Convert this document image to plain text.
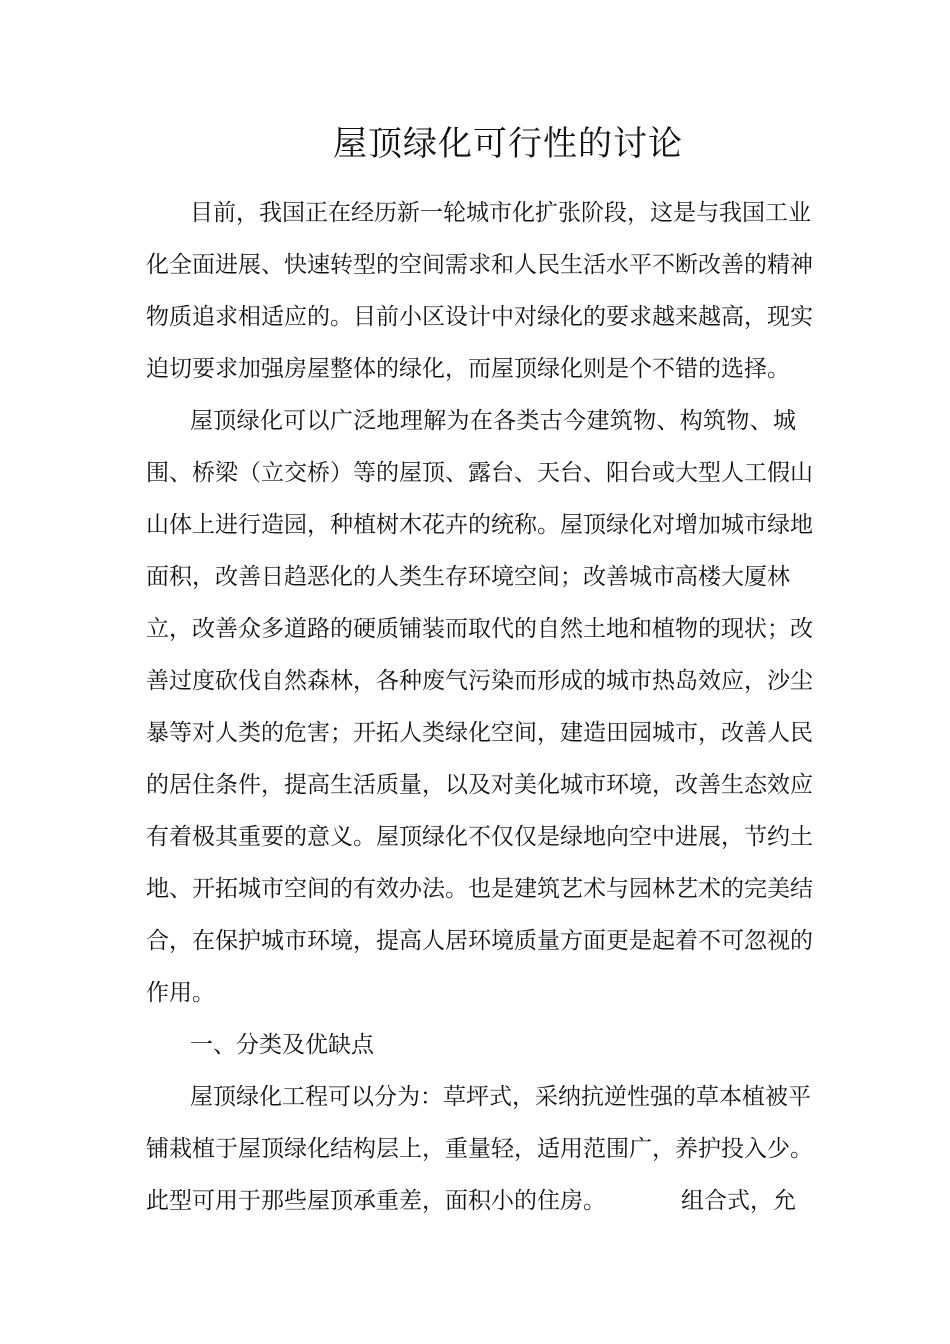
屋顶绿化可行性的讨论

目前，我国正在经历新一轮城市化扩张阶段，这是与我国工业

化全面进展、快速转型的空间需求和人民生活水平不断改善的精神

物质追求相适应的。目前小区设计中对绿化的要求越来越高，现实

迫切要求加强房屋整体的绿化，而屋顶绿化则是个不错的选择。

屋顶绿化可以广泛地理解为在各类古今建筑物、构筑物、城

围、桥梁（立交桥）等的屋顶、露台、天台、阳台或大型人工假山

山体上进行造园，种植树木花卉的统称。屋顶绿化对增加城市绿地

面积，改善日趋恶化的人类生存环境空间；改善城市高楼大厦林

立，改善众多道路的硬质铺装而取代的自然土地和植物的现状；改

善过度砍伐自然森林，各种废气污染而形成的城市热岛效应，沙尘

暴等对人类的危害；开拓人类绿化空间，建造田园城市，改善人民

的居住条件，提高生活质量，以及对美化城市环境，改善生态效应

有着极其重要的意义。屋顶绿化不仅仅是绿地向空中进展，节约土

地、开拓城市空间的有效办法。也是建筑艺术与园林艺术的完美结

合，在保护城市环境，提高人居环境质量方面更是起着不可忽视的

作用。

一、分类及优缺点

屋顶绿化工程可以分为：草坪式，采纳抗逆性强的草本植被平

铺栽植于屋顶绿化结构层上，重量轻，适用范围广，养护投入少。

此型可用于那些屋顶承重差，面积小的住房。	组合式，允
